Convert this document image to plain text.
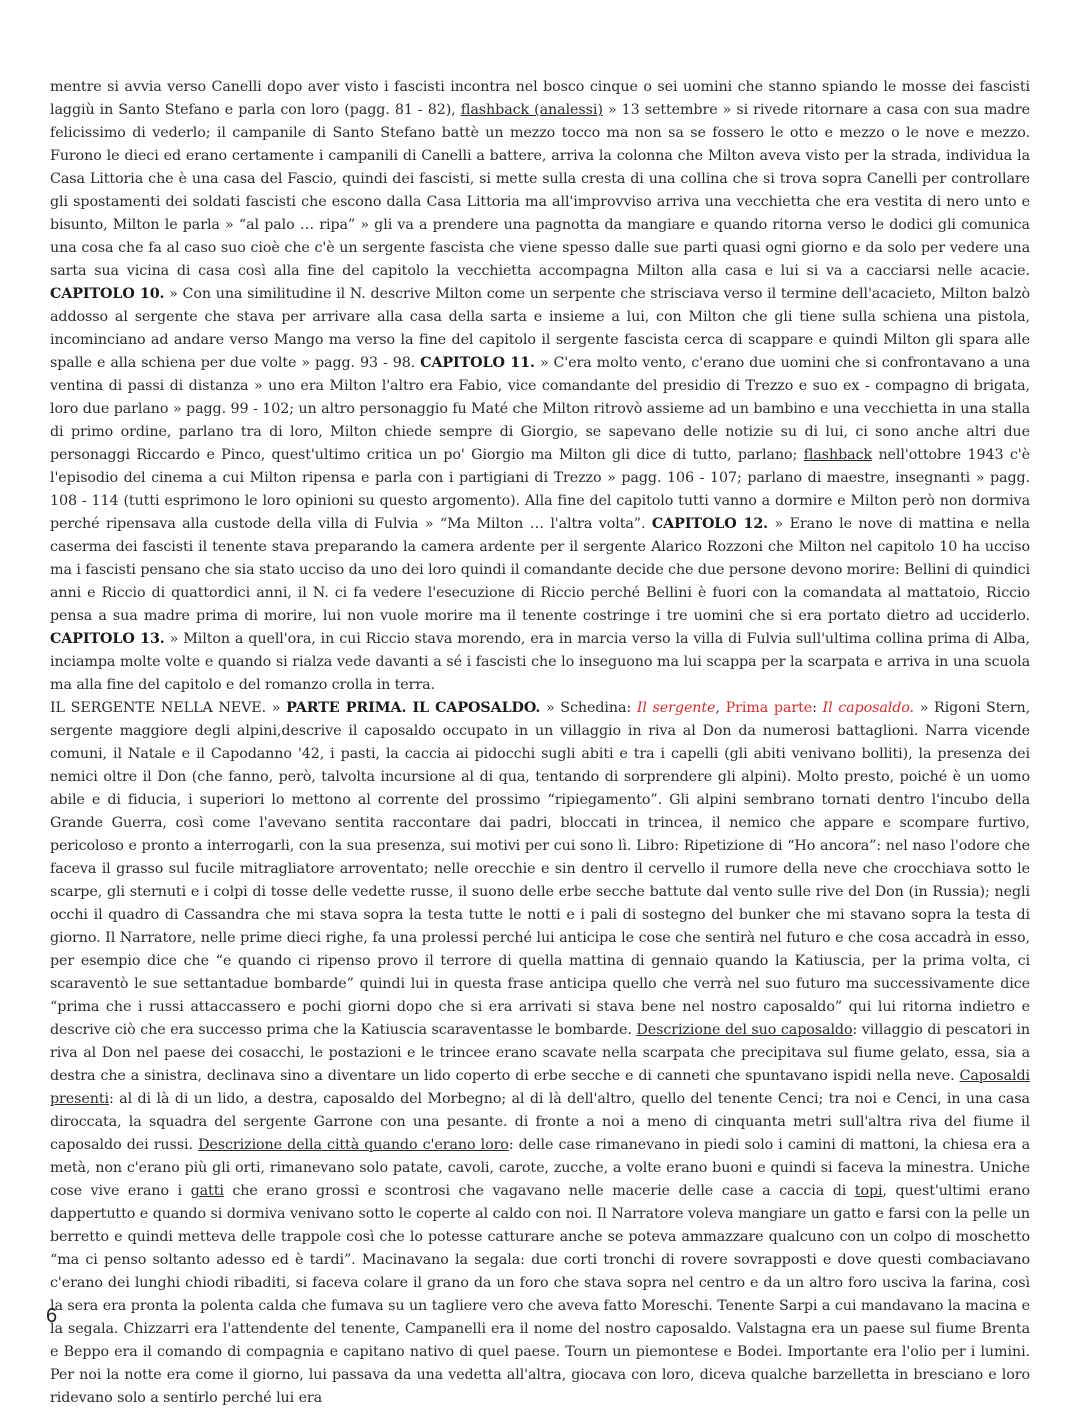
mentre si avvia verso Canelli dopo aver visto i fascisti incontra nel bosco cinque o sei uomini che stanno spiando le mosse dei fascisti laggiù in Santo Stefano e parla con loro (pagg. 81 - 82), flashback (analessi) » 13 settembre » si rivede ritornare a casa con sua madre felicissimo di vederlo; il campanile di Santo Stefano battè un mezzo tocco ma non sa se fossero le otto e mezzo o le nove e mezzo. Furono le dieci ed erano certamente i campanili di Canelli a battere, arriva la colonna che Milton aveva visto per la strada, individua la Casa Littoria che è una casa del Fascio, quindi dei fascisti, si mette sulla cresta di una collina che si trova sopra Canelli per controllare gli spostamenti dei soldati fascisti che escono dalla Casa Littoria ma all'improvviso arriva una vecchietta che era vestita di nero unto e bisunto, Milton le parla » “al palo … ripa” » gli va a prendere una pagnotta da mangiare e quando ritorna verso le dodici gli comunica una cosa che fa al caso suo cioè che c'è un sergente fascista che viene spesso dalle sue parti quasi ogni giorno e da solo per vedere una sarta sua vicina di casa così alla fine del capitolo la vecchietta accompagna Milton alla casa e lui si va a cacciarsi nelle acacie. CAPITOLO 10. » Con una similitudine il N. descrive Milton come un serpente che strisciava verso il termine dell'acacieto, Milton balzò addosso al sergente che stava per arrivare alla casa della sarta e insieme a lui, con Milton che gli tiene sulla schiena una pistola, incominciano ad andare verso Mango ma verso la fine del capitolo il sergente fascista cerca di scappare e quindi Milton gli spara alle spalle e alla schiena per due volte » pagg. 93 - 98. CAPITOLO 11. » C'era molto vento, c'erano due uomini che si confrontavano a una ventina di passi di distanza » uno era Milton l'altro era Fabio, vice comandante del presidio di Trezzo e suo ex - compagno di brigata, loro due parlano » pagg. 99 - 102; un altro personaggio fu Maté che Milton ritrovò assieme ad un bambino e una vecchietta in una stalla di primo ordine, parlano tra di loro, Milton chiede sempre di Giorgio, se sapevano delle notizie su di lui, ci sono anche altri due personaggi Riccardo e Pinco, quest'ultimo critica un po' Giorgio ma Milton gli dice di tutto, parlano; flashback nell'ottobre 1943 c'è l'episodio del cinema a cui Milton ripensa e parla con i partigiani di Trezzo » pagg. 106 - 107; parlano di maestre, insegnanti » pagg. 108 - 114 (tutti esprimono le loro opinioni su questo argomento). Alla fine del capitolo tutti vanno a dormire e Milton però non dormiva perché ripensava alla custode della villa di Fulvia » “Ma Milton … l'altra volta”. CAPITOLO 12. » Erano le nove di mattina e nella caserma dei fascisti il tenente stava preparando la camera ardente per il sergente Alarico Rozzoni che Milton nel capitolo 10 ha ucciso ma i fascisti pensano che sia stato ucciso da uno dei loro quindi il comandante decide che due persone devono morire: Bellini di quindici anni e Riccio di quattordici anni, il N. ci fa vedere l'esecuzione di Riccio perché Bellini è fuori con la comandata al mattatoio, Riccio pensa a sua madre prima di morire, lui non vuole morire ma il tenente costringe i tre uomini che si era portato dietro ad ucciderlo. CAPITOLO 13. » Milton a quell'ora, in cui Riccio stava morendo, era in marcia verso la villa di Fulvia sull'ultima collina prima di Alba, inciampa molte volte e quando si rialza vede davanti a sé i fascisti che lo inseguono ma lui scappa per la scarpata e arriva in una scuola ma alla fine del capitolo e del romanzo crolla in terra.

IL SERGENTE NELLA NEVE. » PARTE PRIMA. IL CAPOSALDO. » Schedina: Il sergente, Prima parte: Il caposaldo. » Rigoni Stern, sergente maggiore degli alpini,descrive il caposaldo occupato in un villaggio in riva al Don da numerosi battaglioni. Narra vicende comuni, il Natale e il Capodanno '42, i pasti, la caccia ai pidocchi sugli abiti e tra i capelli (gli abiti venivano bolliti), la presenza dei nemici oltre il Don (che fanno, però, talvolta incursione al di qua, tentando di sorprendere gli alpini). Molto presto, poiché è un uomo abile e di fiducia, i superiori lo mettono al corrente del prossimo “ripiegamento”. Gli alpini sembrano tornati dentro l'incubo della Grande Guerra, così come l'avevano sentita raccontare dai padri, bloccati in trincea, il nemico che appare e scompare furtivo, pericoloso e pronto a interrogarli, con la sua presenza, sui motivi per cui sono lì. Libro: Ripetizione di “Ho ancora”: nel naso l'odore che faceva il grasso sul fucile mitragliatore arroventato; nelle orecchie e sin dentro il cervello il rumore della neve che crocchiava sotto le scarpe, gli sternuti e i colpi di tosse delle vedette russe, il suono delle erbe secche battute dal vento sulle rive del Don (in Russia); negli occhi il quadro di Cassandra che mi stava sopra la testa tutte le notti e i pali di sostegno del bunker che mi stavano sopra la testa di giorno. Il Narratore, nelle prime dieci righe, fa una prolessi perché lui anticipa le cose che sentirà nel futuro e che cosa accadrà in esso, per esempio dice che “e quando ci ripenso provo il terrore di quella mattina di gennaio quando la Katiuscia, per la prima volta, ci scaraventò le sue settantadue bombarde” quindi lui in questa frase anticipa quello che verrà nel suo futuro ma successivamente dice “prima che i russi attaccassero e pochi giorni dopo che si era arrivati si stava bene nel nostro caposaldo” qui lui ritorna indietro e descrive ciò che era successo prima che la Katiuscia scaraventasse le bombarde. Descrizione del suo caposaldo: villaggio di pescatori in riva al Don nel paese dei cosacchi, le postazioni e le trincee erano scavate nella scarpata che precipitava sul fiume gelato, essa, sia a destra che a sinistra, declinava sino a diventare un lido coperto di erbe secche e di canneti che spuntavano ispidi nella neve. Caposaldi presenti: al di là di un lido, a destra, caposaldo del Morbegno; al di là dell'altro, quello del tenente Cenci; tra noi e Cenci, in una casa diroccata, la squadra del sergente Garrone con una pesante. di fronte a noi a meno di cinquanta metri sull'altra riva del fiume il caposaldo dei russi. Descrizione della città quando c'erano loro: delle case rimanevano in piedi solo i camini di mattoni, la chiesa era a metà, non c'erano più gli orti, rimanevano solo patate, cavoli, carote, zucche, a volte erano buoni e quindi si faceva la minestra. Uniche cose vive erano i gatti che erano grossi e scontrosi che vagavano nelle macerie delle case a caccia di topi, quest'ultimi erano dappertutto e quando si dormiva venivano sotto le coperte al caldo con noi. Il Narratore voleva mangiare un gatto e farsi con la pelle un berretto e quindi metteva delle trappole così che lo potesse catturare anche se poteva ammazzare qualcuno con un colpo di moschetto “ma ci penso soltanto adesso ed è tardi”. Macinavano la segala: due corti tronchi di rovere sovrapposti e dove questi combaciavano c'erano dei lunghi chiodi ribaditi, si faceva colare il grano da un foro che stava sopra nel centro e da un altro foro usciva la farina, così la sera era pronta la polenta calda che fumava su un tagliere vero che aveva fatto Moreschi. Tenente Sarpi a cui mandavano la macina e la segala. Chizzarri era l'attendente del tenente, Campanelli era il nome del nostro caposaldo. Valstagna era un paese sul fiume Brenta e Beppo era il comando di compagnia e capitano nativo di quel paese. Tourn un piemontese e Bodei. Importante era l'olio per i lumini. Per noi la notte era come il giorno, lui passava da una vedetta all'altra, giocava con loro, diceva qualche barzelletta in bresciano e loro ridevano solo a sentirlo perché lui era

6
